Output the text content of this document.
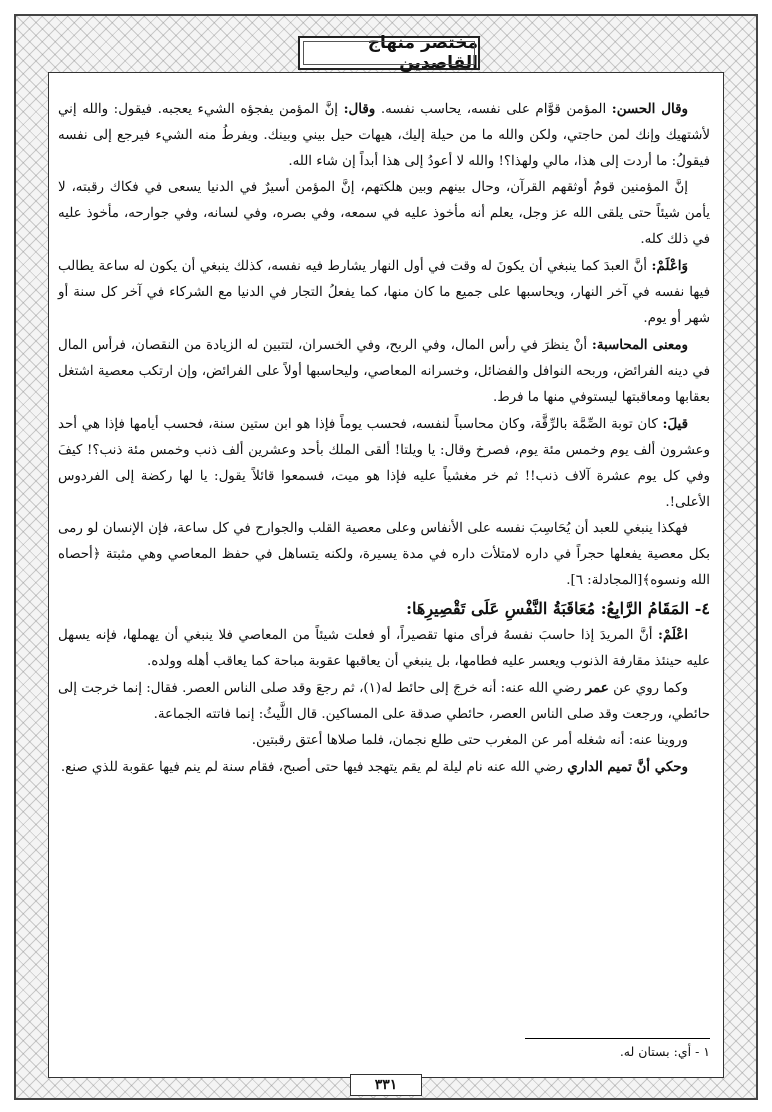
مختصر منهاج القاصدين

وقال الحسن: المؤمن قوَّام على نفسه، يحاسب نفسه. وقال: إنَّ المؤمن يفجؤه الشيء يعجبه. فيقول: والله إني لأشتهيك وإنك لمن حاجتي، ولكن والله ما من حيلة إليك، هيهات حيل بيني وبينك. ويفرطُ منه الشيء فيرجع إلى نفسه فيقولُ: ما أردت إلى هذا، مالي ولهذا؟! والله لا أعودُ إلى هذا أبداً إن شاء الله.

إنَّ المؤمنين قومٌ أوثقهم القرآن، وحال بينهم وبين هلكتهم، إنَّ المؤمن أسيرٌ في الدنيا يسعى في فكاك رقبته، لا يأمن شيئاً حتى يلقى الله عز وجل، يعلم أنه مأخوذ عليه في سمعه، وفي بصره، وفي لسانه، وفي جوارحه، مأخوذ عليه في ذلك كله.

وَاعْلَمْ: أنَّ العبدَ كما ينبغي أن يكونَ له وقت في أول النهار يشارط فيه نفسه، كذلك ينبغي أن يكون له ساعة يطالب فيها نفسه في آخر النهار، ويحاسبها على جميع ما كان منها، كما يفعلُ التجار في الدنيا مع الشركاء في آخر كل سنة أو شهر أو يوم.

ومعنى المحاسبة: أنْ ينظرَ في رأس المال، وفي الربح، وفي الخسران، لتتبين له الزيادة من النقصان، فرأس المال في دينه الفرائض، وربحه النوافل والفضائل، وخسرانه المعاصي، وليحاسبها أولاً على الفرائض، وإن ارتكب معصية اشتغل بعقابها ومعاقبتها ليستوفي منها ما فرط.

قيلَ: كان توبة الصِّمَّة بالرِّقَّة، وكان محاسباً لنفسه، فحسب يوماً فإذا هو ابن ستين سنة، فحسب أيامها فإذا هي أحد وعشرون ألف يوم وخمس مئة يوم، فصرخ وقال: يا ويلتا! ألقى الملك بأحد وعشرين ألف ذنب وخمس مئة ذنب؟! كيفَ وفي كل يوم عشرة آلاف ذنب!! ثم خر مغشياً عليه فإذا هو ميت، فسمعوا قائلاً يقول: يا لها ركضة إلى الفردوس الأعلى!.

فهكذا ينبغي للعبد أن يُحَاسِبَ نفسه على الأنفاس وعلى معصية القلب والجوارح في كل ساعة، فإن الإنسان لو رمى بكل معصية يفعلها حجراً في داره لامتلأت داره في مدة يسيرة، ولكنه يتساهل في حفظ المعاصي وهي مثبتة ﴿أحصاه الله ونسوه﴾[المجادلة: ٦].

٤- المَقَامُ الرَّابِعُ: مُعَاقَبَةُ النَّفْسِ عَلَى تَقْصِيرِهَا:

اعْلَمْ: أنَّ المريدَ إذا حاسبَ نفسهُ فرأى منها تقصيراً، أو فعلت شيئاً من المعاصي فلا ينبغي أن يهملها، فإنه يسهل عليه حينئذ مقارفة الذنوب ويعسر عليه فطامها، بل ينبغي أن يعاقبها عقوبة مباحة كما يعاقب أهله وولده.

وكما روي عن عمر رضي الله عنه: أنه خرجَ إلى حائط له(١)، ثم رجعَ وقد صلى الناس العصر. فقال: إنما خرجت إلى حائطي، ورجعت وقد صلى الناس العصر، حائطي صدقة على المساكين. قال اللَّيثُ: إنما فاتته الجماعة.

وروينا عنه: أنه شغله أمر عن المغرب حتى طلع نجمان، فلما صلاها أعتق رقبتين.

وحكي أنَّ تميم الداري رضي الله عنه نام ليلة لم يقم يتهجد فيها حتى أصبح، فقام سنة لم ينم فيها عقوبة للذي صنع.

١ - أي: بستان له.
٣٣١
